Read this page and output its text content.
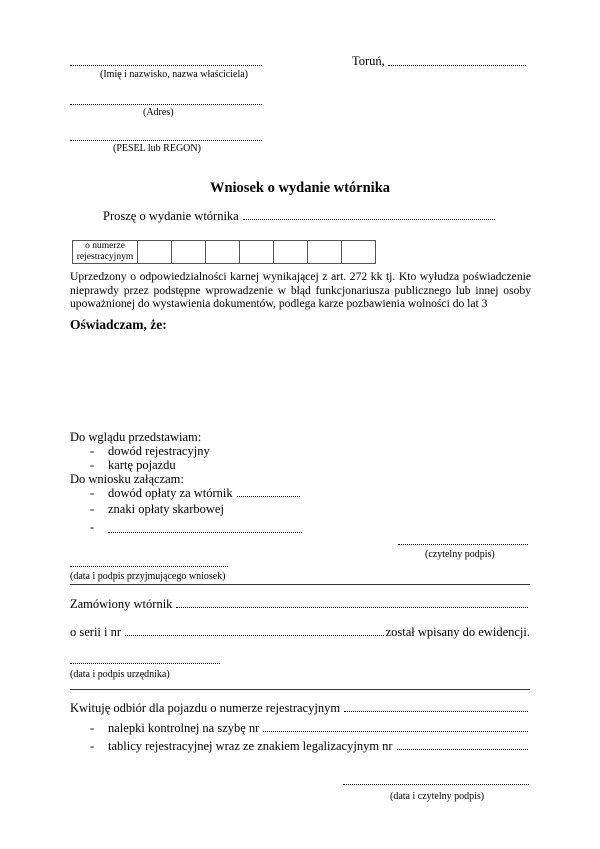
(Imię i nazwisko, nazwa właściciela)
Toruń,
(Adres)
(PESEL lub REGON)
Wniosek o wydanie wtórnika
Proszę o wydanie wtórnika
o numerze rejestracyjnym							
Uprzedzony o odpowiedzialności karnej wynikającej z art. 272 kk tj. Kto wyłudza poświadczenie nieprawdy przez podstępne wprowadzenie w błąd funkcjonariusza publicznego lub innej osoby upoważnionej do wystawienia dokumentów, podlega karze pozbawienia wolności do lat 3
Oświadczam, że:
Do wglądu przedstawiam:
- dowód rejestracyjny
- kartę pojazdu
Do wniosku załączam:
- dowód opłaty za wtórnik
- znaki opłaty skarbowej
-
(czytelny podpis)
(data i podpis przyjmującego wniosek)
Zamówiony wtórnik
o serii i nr	został wpisany do ewidencji.
(data i podpis urzędnika)
Kwituję odbiór dla pojazdu o numerze rejestracyjnym
- nalepki kontrolnej na szybę nr
- tablicy rejestracyjnej wraz ze znakiem legalizacyjnym nr
(data i czytelny podpis)
